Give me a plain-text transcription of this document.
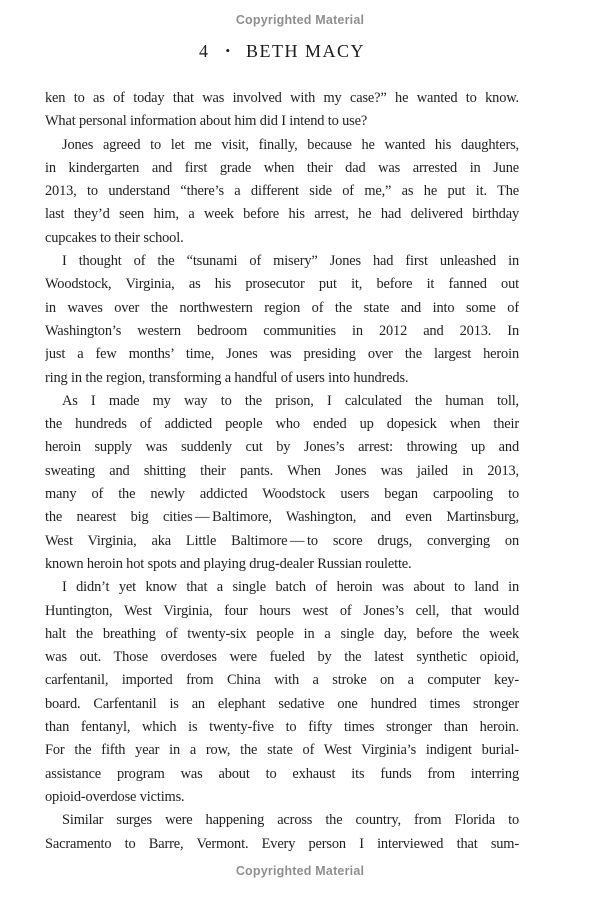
Copyrighted Material
4 • BETH MACY
ken to as of today that was involved with my case?” he wanted to know.
What personal information about him did I intend to use?
Jones agreed to let me visit, finally, because he wanted his daughters,
in kindergarten and first grade when their dad was arrested in June
2013, to understand “there’s a different side of me,” as he put it. The
last they’d seen him, a week before his arrest, he had delivered birthday
cupcakes to their school.
I thought of the “tsunami of misery” Jones had first unleashed in
Woodstock, Virginia, as his prosecutor put it, before it fanned out
in waves over the northwestern region of the state and into some of
Washington’s western bedroom communities in 2012 and 2013. In
just a few months’ time, Jones was presiding over the largest heroin
ring in the region, transforming a handful of users into hundreds.
As I made my way to the prison, I calculated the human toll,
the hundreds of addicted people who ended up dopesick when their
heroin supply was suddenly cut by Jones’s arrest: throwing up and
sweating and shitting their pants. When Jones was jailed in 2013,
many of the newly addicted Woodstock users began carpooling to
the nearest big cities — Baltimore, Washington, and even Martinsburg,
West Virginia, aka Little Baltimore — to score drugs, converging on
known heroin hot spots and playing drug-dealer Russian roulette.
I didn’t yet know that a single batch of heroin was about to land in
Huntington, West Virginia, four hours west of Jones’s cell, that would
halt the breathing of twenty-six people in a single day, before the week
was out. Those overdoses were fueled by the latest synthetic opioid,
carfentanil, imported from China with a stroke on a computer key-
board. Carfentanil is an elephant sedative one hundred times stronger
than fentanyl, which is twenty-five to fifty times stronger than heroin.
For the fifth year in a row, the state of West Virginia’s indigent burial-
assistance program was about to exhaust its funds from interring
opioid-overdose victims.
Similar surges were happening across the country, from Florida to
Sacramento to Barre, Vermont. Every person I interviewed that sum-
Copyrighted Material
